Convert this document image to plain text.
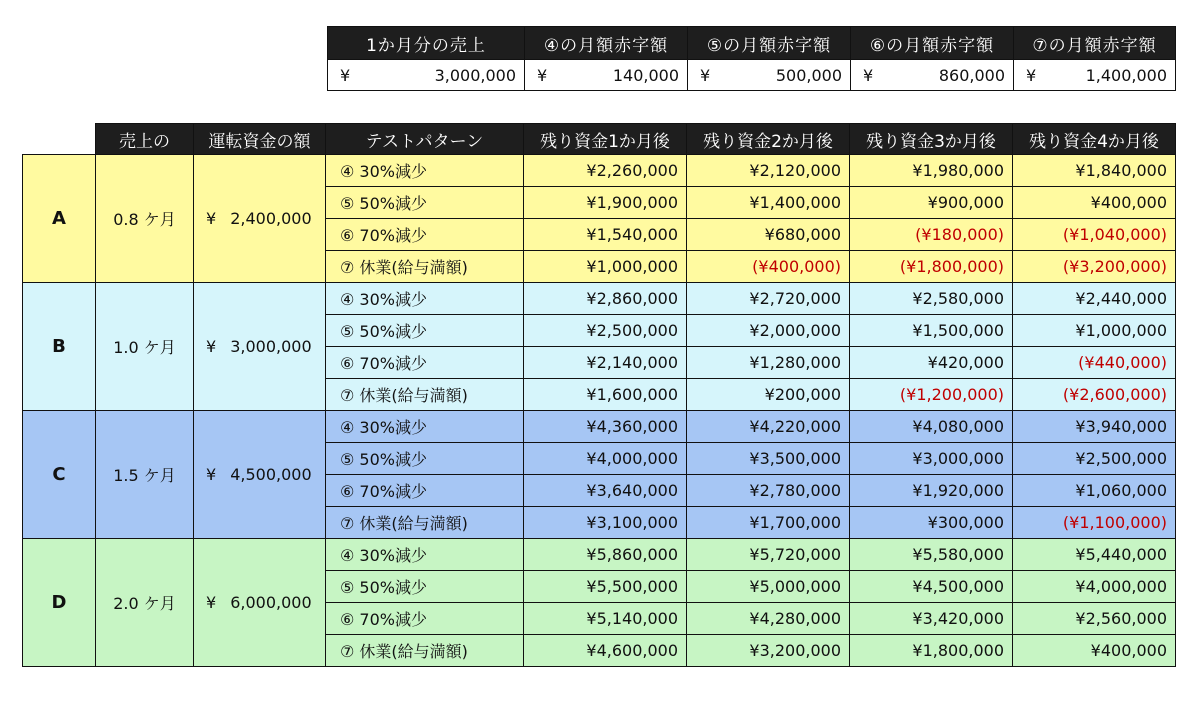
1か月分の売上	④の月額赤字額	⑤の月額赤字額	⑥の月額赤字額	⑦の月額赤字額

¥ 3,000,000	¥ 140,000	¥ 500,000	¥ 860,000	¥ 1,400,000
	売上の	運転資金の額	テストパターン	残り資金1か月後	残り資金2か月後	残り資金3か月後	残り資金4か月後
A	0.8 ケ月	¥ 2,400,000	④ 30%減少	¥2,260,000	¥2,120,000	¥1,980,000	¥1,840,000
			⑤ 50%減少	¥1,900,000	¥1,400,000	¥900,000	¥400,000
			⑥ 70%減少	¥1,540,000	¥680,000	(¥180,000)	(¥1,040,000)
			⑦ 休業(給与満額)	¥1,000,000	(¥400,000)	(¥1,800,000)	(¥3,200,000)
B	1.0 ケ月	¥ 3,000,000	④ 30%減少	¥2,860,000	¥2,720,000	¥2,580,000	¥2,440,000
			⑤ 50%減少	¥2,500,000	¥2,000,000	¥1,500,000	¥1,000,000
			⑥ 70%減少	¥2,140,000	¥1,280,000	¥420,000	(¥440,000)
			⑦ 休業(給与満額)	¥1,600,000	¥200,000	(¥1,200,000)	(¥2,600,000)
C	1.5 ケ月	¥ 4,500,000	④ 30%減少	¥4,360,000	¥4,220,000	¥4,080,000	¥3,940,000
			⑤ 50%減少	¥4,000,000	¥3,500,000	¥3,000,000	¥2,500,000
			⑥ 70%減少	¥3,640,000	¥2,780,000	¥1,920,000	¥1,060,000
			⑦ 休業(給与満額)	¥3,100,000	¥1,700,000	¥300,000	(¥1,100,000)
D	2.0 ケ月	¥ 6,000,000	④ 30%減少	¥5,860,000	¥5,720,000	¥5,580,000	¥5,440,000
			⑤ 50%減少	¥5,500,000	¥5,000,000	¥4,500,000	¥4,000,000
			⑥ 70%減少	¥5,140,000	¥4,280,000	¥3,420,000	¥2,560,000
			⑦ 休業(給与満額)	¥4,600,000	¥3,200,000	¥1,800,000	¥400,000
